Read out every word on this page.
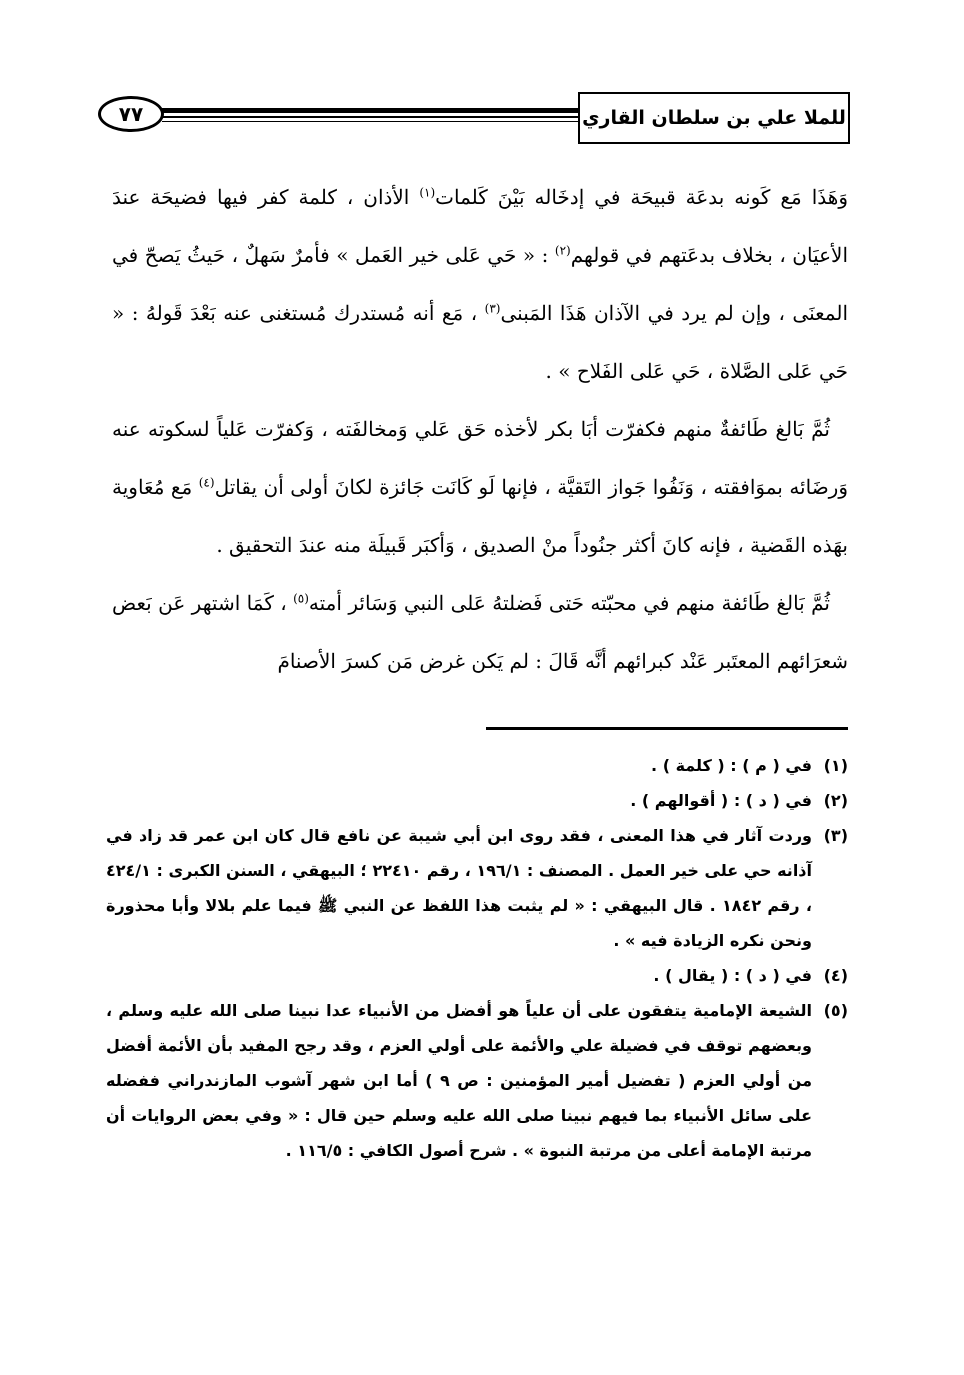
٧٧	للملا علي بن سلطان القاري

وَهَذَا مَع كَونه بدعَة قبيحَة في إدخَاله بَيْنَ كَلمات$^{(١)}$ الأذان ، كلمة كفر فيها فضيحَة عندَ الأعيَان ، بخلاف بدعَتهم في قولهم$^{(٢)}$ : « حَي عَلى خير العَمل » فأمرٌ سَهلٌ ، حَيثُ يَصحّ في المعنَى ، وإن لم يرد في الآذان هَذَا المَبنى$^{(٣)}$ ، مَع أنه مُستدرك مُستغنى عنه بَعْدَ قَولهُ : « حَي عَلى الصَّلاة ، حَي عَلى الفَلاح » .

ثُمَّ بَالغ طَائفةٌ منهم فكفرّت أبَا بكر لأخذه حَق عَلي وَمخالفَته ، وَكفرّت عَلياً لسكوته عنه وَرضَائه بموَافقته ، وَنَفُوا جَواز التَقيَّة ، فإنها لَو كَانَت جَائزة لكانَ أولى أن يقاتل$^{(٤)}$ مَع مُعَاوية بهَذه القَضية ، فإنه كانَ أكثر جنُوداً منْ الصديق ، وَأكبَر قَبيلَة منه عندَ التحقيق .

ثُمَّ بَالغ طَائفة منهم في محبّته حَتى فَضلتهُ عَلى النبي وَسَائر أمته$^{(٥)}$ ، كَمَا اشتهر عَن بَعض شعرَائهم المعتَبر عَنْد كبرائهم أنَّه قَالَ : لم يَكن غرض مَن كسرَ الأصنامَ

(١)
في ( م ) : ( كلمة ) .
(٢)
في ( د ) : ( أقوالهم ) .
(٣)
وردت آثار في هذا المعنى ، فقد روى ابن أبي شيبة عن نافع قال كان ابن عمر قد زاد في آذانه حي على خير العمل . المصنف : ١٩٦/١ ، رقم ٢٢٤١٠ ؛ البيهقي ، السنن الكبرى : ٤٢٤/١ ، رقم ١٨٤٢ . قال البيهقي : « لم يثبت هذا اللفظ عن النبي ﷺ فيما علم بلالا وأبا محذورة ونحن نكره الزيادة فيه » .
(٤)
في ( د ) : ( يقال ) .
(٥)
الشيعة الإمامية يتفقون على أن علياً هو أفضل من الأنبياء عدا نبينا صلى الله عليه وسلم ، وبعضهم توقف في فضيلة علي والأئمة على أولي العزم ، وقد رجح المفيد بأن الأئمة أفضل من أولي العزم ( تفضيل أمير المؤمنين : ص ٩ ) أما ابن شهر آشوب المازندراني ففضله على سائل الأنبياء بما فيهم نبينا صلى الله عليه وسلم حين قال : « وفي بعض الروايات أن مرتبة الإمامة أعلى من مرتبة النبوة » . شرح أصول الكافي : ١١٦/٥ .
